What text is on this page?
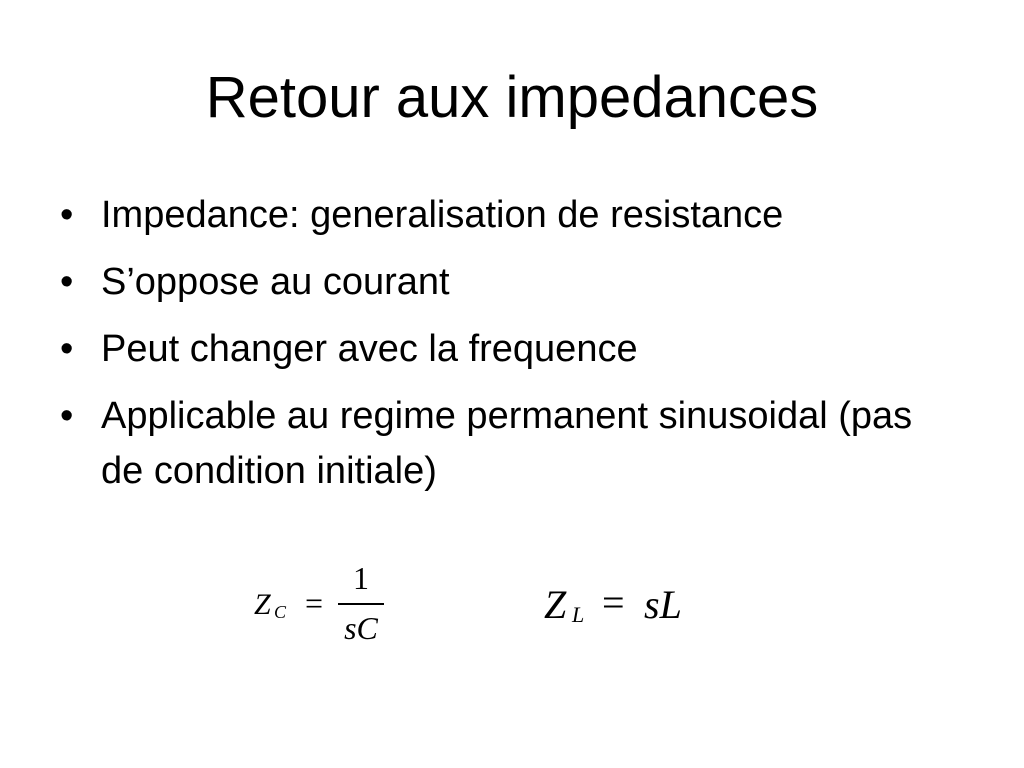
Retour aux impedances
• Impedance: generalisation de resistance
• S’oppose au courant
• Peut changer avec la frequence
• Applicable au regime permanent sinusoidal (pas de condition initiale)
Z C =
1
sC
Z L = sL
